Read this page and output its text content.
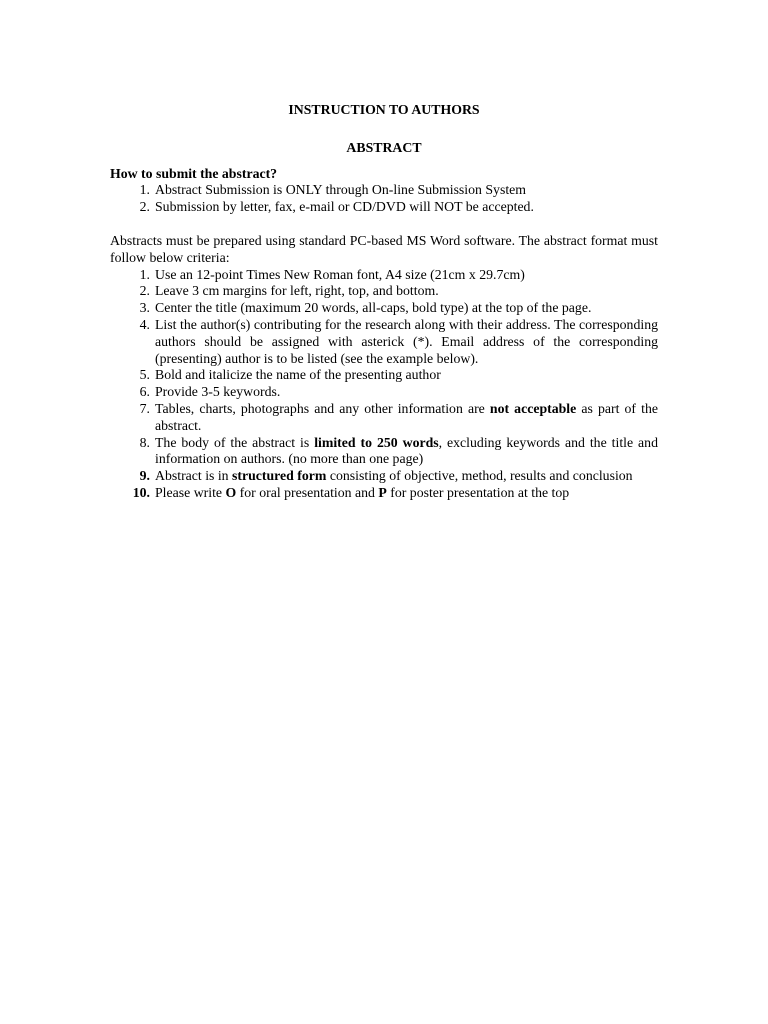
INSTRUCTION TO AUTHORS

ABSTRACT

How to submit the abstract?

1. Abstract Submission is ONLY through On-line Submission System
2. Submission by letter, fax, e-mail or CD/DVD will NOT be accepted.

Abstracts must be prepared using standard PC-based MS Word software. The abstract format must follow below criteria:

1. Use an 12-point Times New Roman font, A4 size (21cm x 29.7cm)
2. Leave 3 cm margins for left, right, top, and bottom.
3. Center the title (maximum 20 words, all-caps, bold type) at the top of the page.
4. List the author(s) contributing for the research along with their address. The corresponding authors should be assigned with asterick (*). Email address of the corresponding (presenting) author is to be listed (see the example below).
5. Bold and italicize the name of the presenting author
6. Provide 3-5 keywords.
7. Tables, charts, photographs and any other information are not acceptable as part of the abstract.
8. The body of the abstract is limited to 250 words, excluding keywords and the title and information on authors. (no more than one page)
9. Abstract is in structured form consisting of objective, method, results and conclusion
10. Please write O for oral presentation and P for poster presentation at the top
